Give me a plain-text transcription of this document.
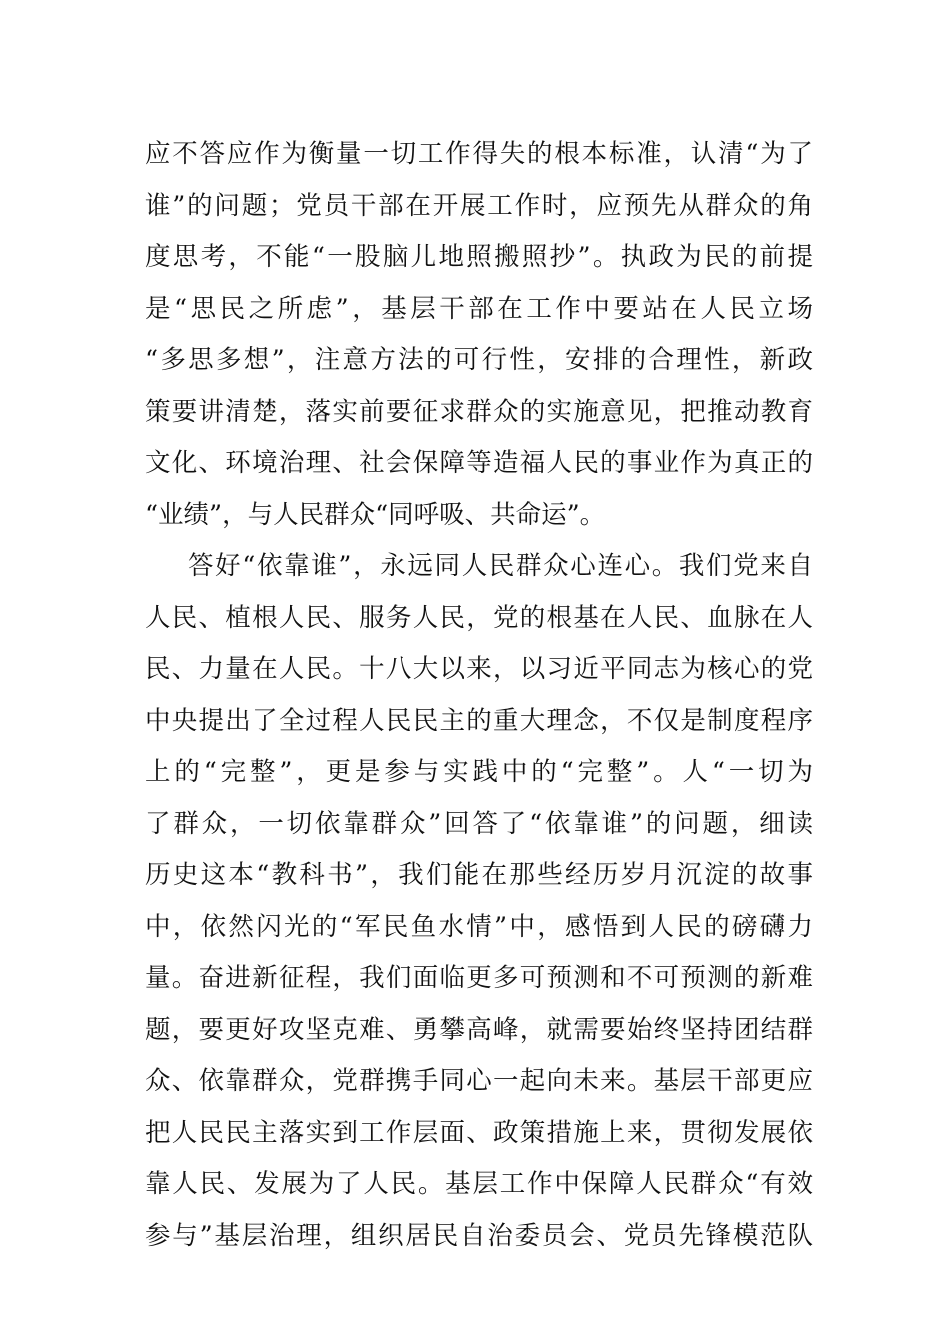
应不答应作为衡量一切工作得失的根本标准，认清“为了
谁”的问题；党员干部在开展工作时，应预先从群众的角
度思考，不能“一股脑儿地照搬照抄”。执政为民的前提
是“思民之所虑”，基层干部在工作中要站在人民立场
“多思多想”，注意方法的可行性，安排的合理性，新政
策要讲清楚，落实前要征求群众的实施意见，把推动教育
文化、环境治理、社会保障等造福人民的事业作为真正的
“业绩”，与人民群众“同呼吸、共命运”。
答好“依靠谁”，永远同人民群众心连心。我们党来自
人民、植根人民、服务人民，党的根基在人民、血脉在人
民、力量在人民。十八大以来，以习近平同志为核心的党
中央提出了全过程人民民主的重大理念，不仅是制度程序
上的“完整”，更是参与实践中的“完整”。人“一切为
了群众，一切依靠群众”回答了“依靠谁”的问题，细读
历史这本“教科书”，我们能在那些经历岁月沉淀的故事
中，依然闪光的“军民鱼水情”中，感悟到人民的磅礴力
量。奋进新征程，我们面临更多可预测和不可预测的新难
题，要更好攻坚克难、勇攀高峰，就需要始终坚持团结群
众、依靠群众，党群携手同心一起向未来。基层干部更应
把人民民主落实到工作层面、政策措施上来，贯彻发展依
靠人民、发展为了人民。基层工作中保障人民群众“有效
参与”基层治理，组织居民自治委员会、党员先锋模范队
